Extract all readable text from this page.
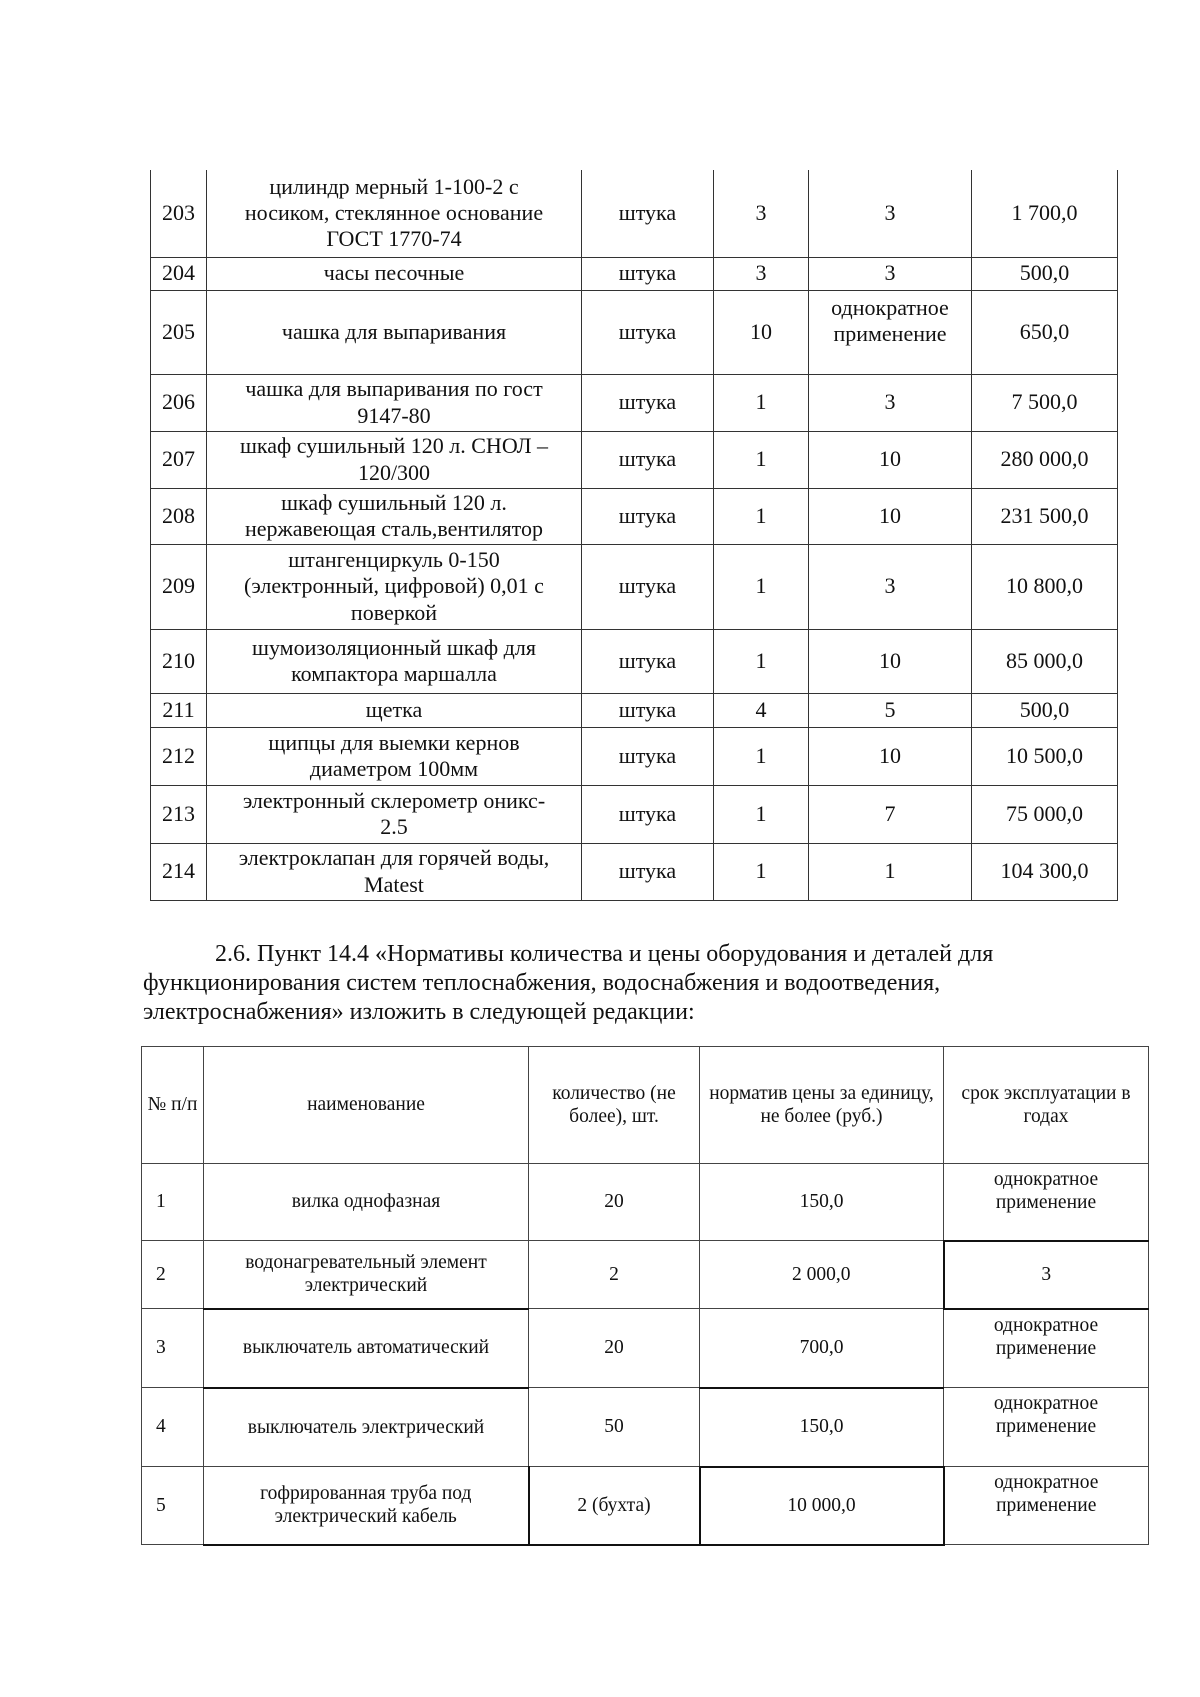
203	цилиндр мерный 1-100-2 с
носиком, стеклянное основание
ГОСТ 1770-74	штука	3	3	1 700,0
204	часы песочные	штука	3	3	500,0
205	чашка для выпаривания	штука	10	однократное применение	650,0
206	чашка для выпаривания по гост
9147-80	штука	1	3	7 500,0
207	шкаф сушильный 120 л. СНОЛ –
120/300	штука	1	10	280 000,0
208	шкаф сушильный 120 л.
нержавеющая сталь,вентилятор	штука	1	10	231 500,0
209	штангенциркуль 0-150
(электронный, цифровой) 0,01 с
поверкой	штука	1	3	10 800,0
210	шумоизоляционный шкаф для
компактора маршалла	штука	1	10	85 000,0
211	щетка	штука	4	5	500,0
212	щипцы для выемки кернов
диаметром 100мм	штука	1	10	10 500,0
213	электронный склерометр оникс-
2.5	штука	1	7	75 000,0
214	электроклапан для горячей воды,
Matest	штука	1	1	104 300,0
2.6. Пункт 14.4 «Нормативы количества и цены оборудования и деталей для
функционирования систем теплоснабжения, водоснабжения и водоотведения,
электроснабжения» изложить в следующей редакции:
№ п/п	наименование	количество (не более), шт.	норматив цены за единицу, не более (руб.)	срок эксплуатации в годах
1	вилка однофазная	20	150,0	однократное применение
2	водонагревательный элемент электрический	2	2 000,0	3
3	выключатель автоматический	20	700,0	однократное применение
4	выключатель электрический	50	150,0	однократное применение
5	гофрированная труба под электрический кабель	2 (бухта)	10 000,0	однократное применение
